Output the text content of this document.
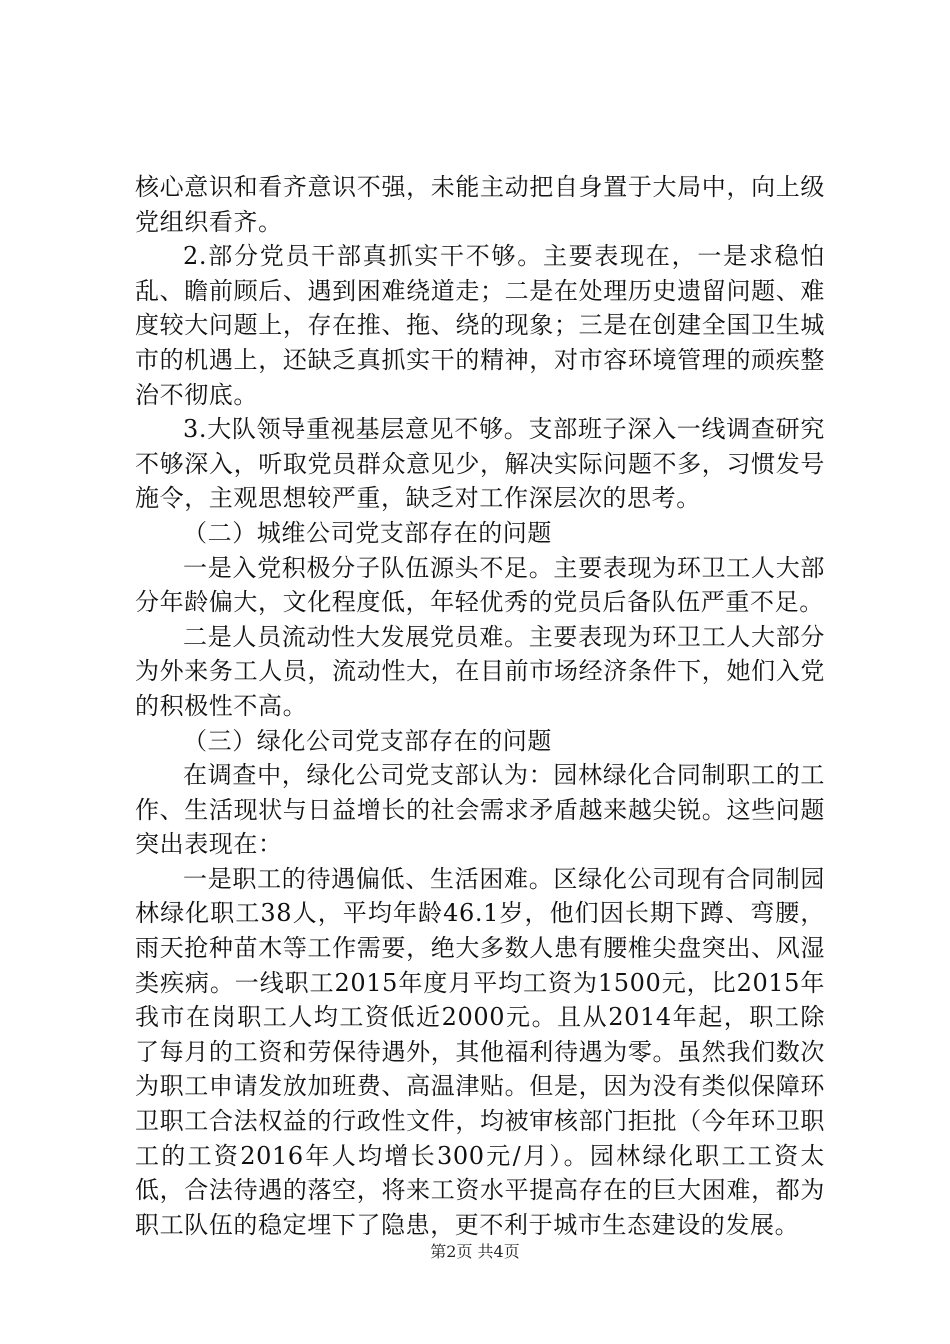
核心意识和看齐意识不强，未能主动把自身置于大局中，向上级党组织看齐。

2.部分党员干部真抓实干不够。主要表现在，一是求稳怕乱、瞻前顾后、遇到困难绕道走；二是在处理历史遗留问题、难度较大问题上，存在推、拖、绕的现象；三是在创建全国卫生城市的机遇上，还缺乏真抓实干的精神，对市容环境管理的顽疾整治不彻底。

3.大队领导重视基层意见不够。支部班子深入一线调查研究不够深入，听取党员群众意见少，解决实际问题不多，习惯发号施令，主观思想较严重，缺乏对工作深层次的思考。

（二）城维公司党支部存在的问题

一是入党积极分子队伍源头不足。主要表现为环卫工人大部分年龄偏大，文化程度低，年轻优秀的党员后备队伍严重不足。

二是人员流动性大发展党员难。主要表现为环卫工人大部分为外来务工人员，流动性大，在目前市场经济条件下，她们入党的积极性不高。

（三）绿化公司党支部存在的问题

在调查中，绿化公司党支部认为：园林绿化合同制职工的工作、生活现状与日益增长的社会需求矛盾越来越尖锐。这些问题突出表现在：

一是职工的待遇偏低、生活困难。区绿化公司现有合同制园林绿化职工38人，平均年龄46.1岁，他们因长期下蹲、弯腰，雨天抢种苗木等工作需要，绝大多数人患有腰椎尖盘突出、风湿类疾病。一线职工2015年度月平均工资为1500元，比2015年我市在岗职工人均工资低近2000元。且从2014年起，职工除了每月的工资和劳保待遇外，其他福利待遇为零。虽然我们数次为职工申请发放加班费、高温津贴。但是，因为没有类似保障环卫职工合法权益的行政性文件，均被审核部门拒批（今年环卫职工的工资2016年人均增长300元/月）。园林绿化职工工资太低，合法待遇的落空，将来工资水平提高存在的巨大困难，都为职工队伍的稳定埋下了隐患，更不利于城市生态建设的发展。

第2页 共4页
